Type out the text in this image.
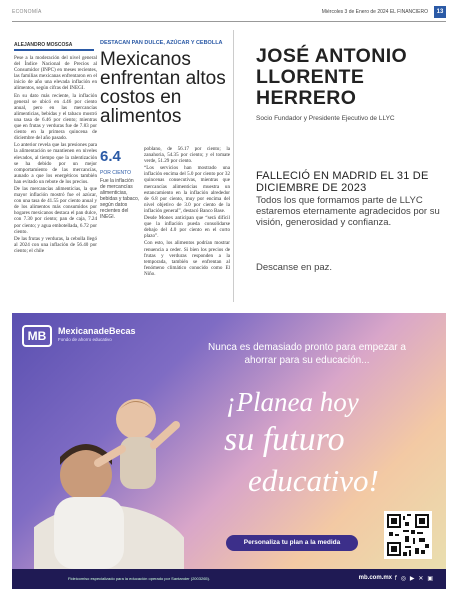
ECONOMÍA	Miércoles 3 de Enero de 2024 EL FINANCIERO	13
ALEJANDRO MOSCOSA

Pese a la moderación del nivel general del Índice Nacional de Precios al Consumidor (INPC) en meses recientes, las familias mexicanas enfrentaron en el inicio de año una elevada inflación en alimentos, según cifras del INEGI.

En su dato más reciente, la inflación general se ubicó en 4.46 por ciento anual, pero en las mercancías alimenticias, bebidas y el tabaco mostró una tasa de 6.46 por ciento; mientras que en frutas y verduras fue de 7.83 por ciento en la primera quincena de diciembre del año pasado.

Lo anterior revela que las presiones para la alimentación se mantienen en niveles elevados, al tiempo que la ralentización se ha debido por un mejor comportamiento de las mercancías, aunado a que los energéticos también han evitado un rebote de los precios.

De las mercancías alimenticias, la que mayor inflación mostró fue el azúcar, con una tasa de 41.55 por ciento anual y de los alimentos más consumidos por hogares mexicanos destaca el pan dulce, con 7.30 por ciento; pan de caja, 7.24 por ciento; y agua embotellada, 6.72 por ciento.

De las frutas y verduras, la cebolla llegó al 2024 con una inflación de 56.40 por ciento; el chile

DESTACAN PAN DULCE, AZÚCAR Y CEBOLLA
Mexicanos enfrentan altos costos en alimentos
6.4
POR CIENTO
Fue la inflación de mercancías alimenticias, bebidas y tabaco, según datos recientes del INEGI.

poblano, de 56.17 por ciento; la zanahoria, 54.35 por ciento; y el tomate verde, 51.29 por ciento.

“Los servicios han mostrado una inflación encima del 5.0 por ciento por 32 quincenas consecutivas, mientras que mercancías alimenticias muestra un estancamiento en la inflación alrededor de 6.8 por ciento, muy por encima del nivel objetivo de 3.0 por ciento de la inflación general”, destacó Banco Base.

Desde Monex anticipan que “será difícil que la inflación pueda consolidarse debajo del 4.0 por ciento en el corto plazo”.

Con esto, los alimentos podrían mostrar renuencia a ceder. Si bien los precios de frutas y verduras responden a la temporada, también se enfrentan al fenómeno climático conocido como El Niño.

JOSÉ ANTONIO LLORENTE HERRERO
Socio Fundador y Presidente Ejecutivo de LLYC
FALLECIÓ EN MADRID EL 31 DE DICIEMBRE DE 2023
Todos los que formamos parte de LLYC estaremos eternamente agradecidos por su visión, generosidad y confianza.
Descanse en paz.
MB	MexicanadeBecas
Fondo de ahorro educativo
Nunca es demasiado pronto para empezar a ahorrar para su educación...
¡Planea hoy
su futuro
educativo!
Personaliza tu plan a la medida
Fideicomiso especializado para la educación operado por Santander (2003265).	mb.com.mx f ◎ ▶ ✕ ▣
